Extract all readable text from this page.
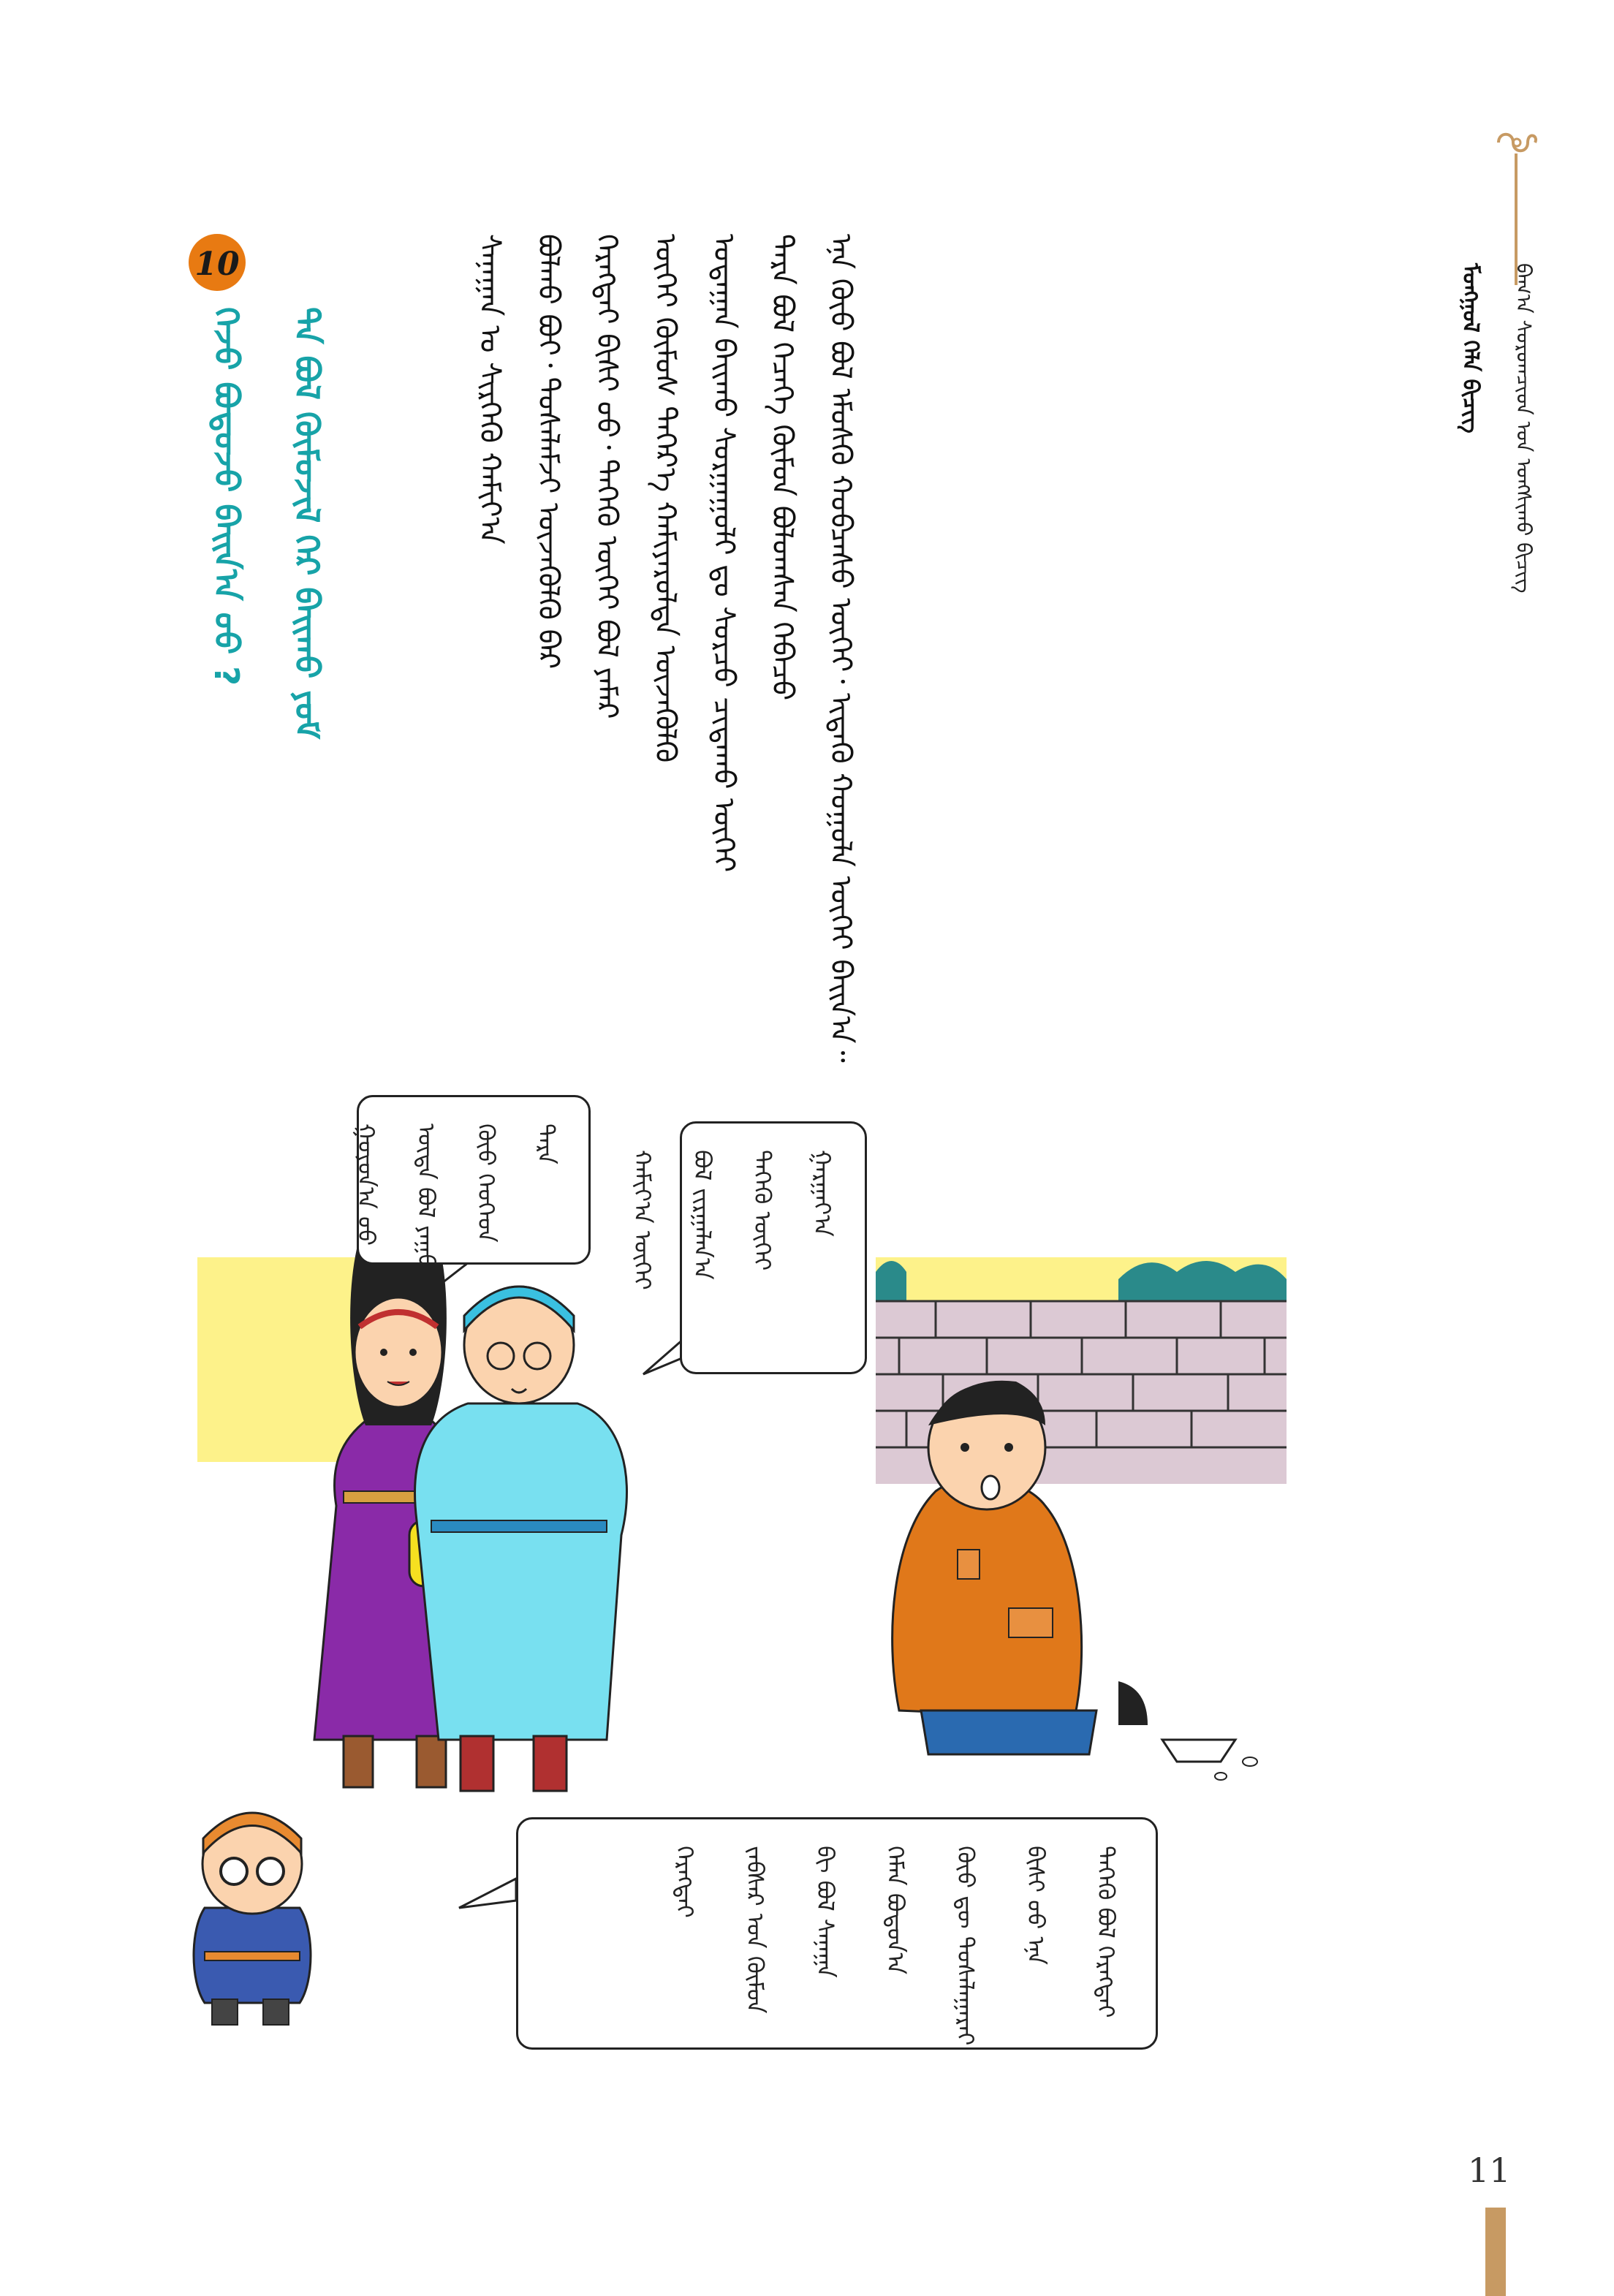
ᠮᠣᠩᠭᠣᠯ ᠬᠡᠯᠡ ᠪᠢᠴᠢᠭ	ᠪᠠᠭ᠎ᠠ ᠰᠤᠷᠤᠭᠴᠢᠳ ᠤᠨ ᠤᠩᠰᠢᠬᠤ ᠪᠢᠴᠢᠭ
ᠡᠨᠡ ᠬᠦᠦ ᠪᠣᠯ ᠡᠮᠦᠰᠬᠦ ᠬᠤᠪᠴᠠᠰᠤ ᠦᠭᠡᠢ᠂ ᠢᠳᠡᠬᠦ ᠬᠣᠭᠣᠯᠠ ᠦᠭᠡᠢ ᠪᠠᠢᠨ᠎ᠠ᠃
ᠲᠡᠷᠡ ᠪᠣᠯ ᠬᠡᠴᠡᠬᠡ ᠬᠦᠮᠦᠨ ᠪᠣᠯᠤᠭᠰᠠᠨ ᠬᠡᠪᠡᠴᠦ
ᠤᠳᠠᠭᠠᠨ ᠪᠠᠢᠬᠤ ᠰᠤᠷᠭᠠᠭᠤᠯᠢ ᠳᠤ ᠰᠤᠷᠴᠤ ᠴᠢᠳᠠᠬᠤ ᠦᠭᠡᠢ
ᠦᠭᠡᠢ ᠬᠦᠮᠦᠰ ᠳᠡᠭᠡᠷ᠎ᠡ ᠬᠠᠮᠢᠶᠠᠷᠤᠯᠲᠠ ᠦᠵᠡᠭᠦᠯᠬᠦ
ᠬᠡᠷᠡᠭᠲᠡᠢ ᠪᠢᠰᠢ ᠦᠦ᠂ ᠲᠡᠭᠡᠬᠦ ᠦᠭᠡᠢ ᠪᠣᠯ ᠶᠠᠮᠠᠷ
ᠪᠣᠯᠬᠤ ᠪᠣᠢ᠂ ᠲᠤᠰᠠᠯᠠᠮᠵᠢ ᠦᠵᠡᠭᠦᠯᠬᠦ ᠪᠡᠷ
ᠰᠠᠨᠠᠭᠠᠨ ᠤ ᠰᠢᠷᠭᠡᠬᠦ ᠬᠠᠮᠢᠶ᠎ᠠ
10
ᠲᠠ ᠪᠣᠯ ᠬᠦᠮᠦᠵᠢᠯ ᠬᠡᠷ ᠪᠠᠢᠬᠤ ᠶᠤᠮ
ᠭᠡᠵᠦ ᠪᠣᠳᠣᠵᠤ ᠪᠠᠢᠨ᠎ᠠ ᠤᠤ ?
ᠲᠡᠷᠡ
ᠬᠦᠦ ᠬᠡᠦᠬᠡᠳ
ᠦᠳᠡ ᠪᠣᠯ ᠶᠠᠭᠤ
ᠭᠤᠶᠤᠨ᠎ᠠ ᠤᠤ	ᠭᠠᠷᠭᠠᠶ᠎ᠠ
ᠲᠡᠭᠡᠬᠦ ᠦᠭᠡᠢ
ᠪᠣᠯ ᠵᠢᠷᠭᠠᠯᠠᠨ᠎ᠠ
ᠬᠠᠮᠢᠶ᠎ᠠ ᠦᠭᠡᠢ
ᠲᠡᠭᠡᠬᠦ ᠪᠣᠯ ᠬᠡᠷᠡᠭᠲᠡᠢ
ᠪᠢᠰᠢ ᠦᠦ ᠡᠨᠡ
ᠬᠦᠦ ᠳᠦ ᠲᠤᠰᠠᠯᠠᠭᠠᠷᠠᠢ
ᠬᠡᠮᠡᠨ ᠪᠣᠳᠣᠨ᠎ᠠ
ᠪᠢ ᠪᠣᠯ ᠰᠠᠨᠠᠭᠠ
ᠵᠠᠪᠰᠠᠷ ᠤᠨ ᠬᠦᠮᠦᠨ
ᠬᠡᠷᠡᠭᠲᠡᠢ
11
